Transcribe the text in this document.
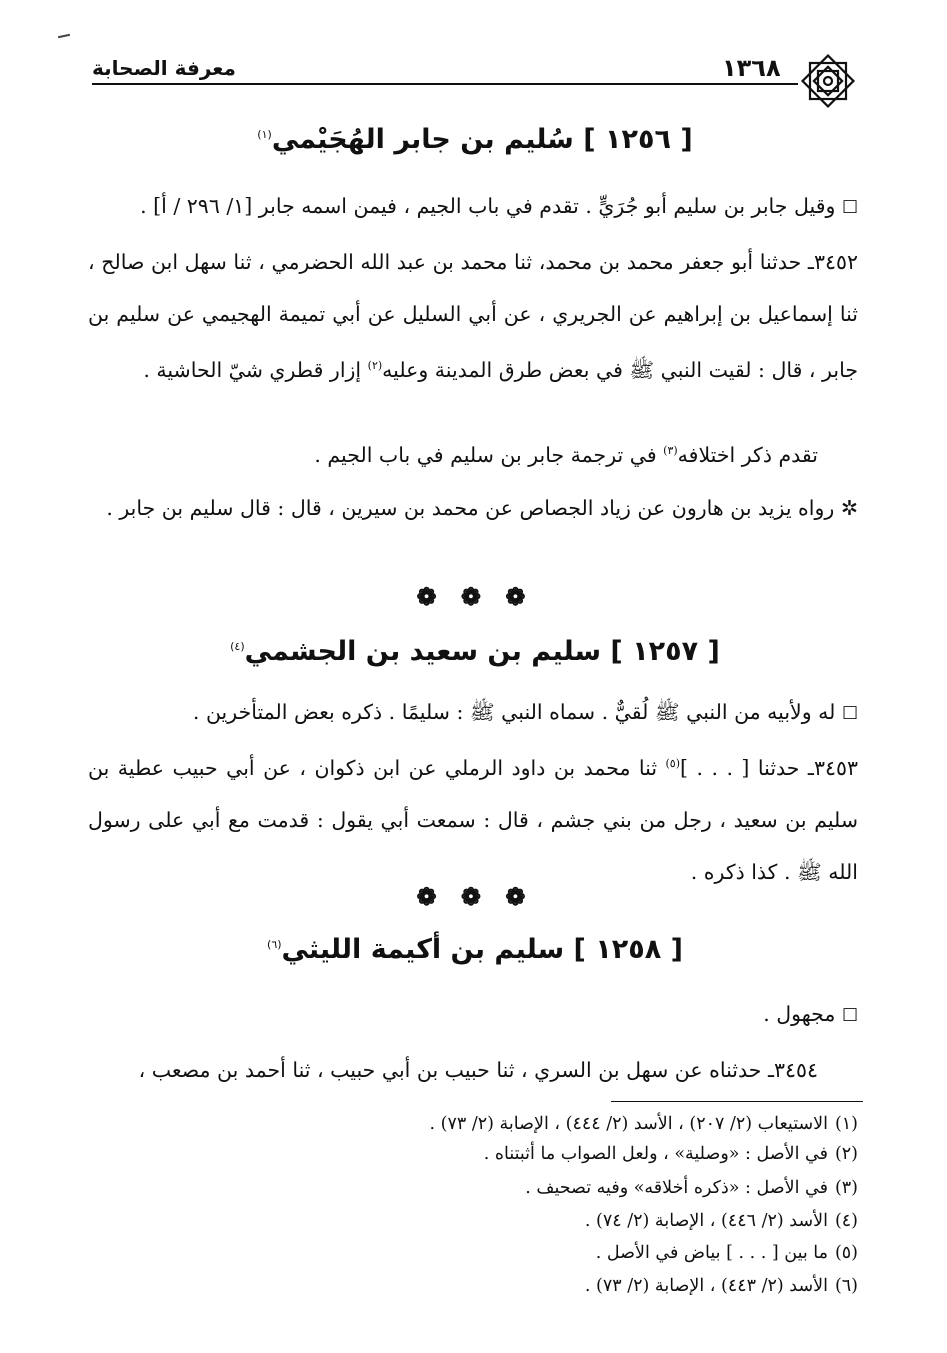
معرفة الصحابة	١٣٦٨
[ ١٢٥٦ ] سُليم بن جابر الهُجَيْمي$^{(١)}$
□ وقيل جابر بن سليم أبو جُرَيٍّ . تقدم في باب الجيم ، فيمن اسمه جابر [١/ ٢٩٦ / أ] .
٣٤٥٢ـ حدثنا أبو جعفر محمد بن محمد، ثنا محمد بن عبد الله الحضرمي ، ثنا سهل ابن صالح ، ثنا إسماعيل بن إبراهيم عن الجريري ، عن أبي السليل عن أبي تميمة الهجيمي عن سليم بن جابر ، قال : لقيت النبي ﷺ في بعض طرق المدينة وعليه$^{(٢)}$ إزار قطري شيّ الحاشية .
تقدم ذكر اختلافه$^{(٣)}$ في ترجمة جابر بن سليم في باب الجيم .
✲ رواه يزيد بن هارون عن زياد الجصاص عن محمد بن سيرين ، قال : قال سليم بن جابر .
❁ ❁ ❁
[ ١٢٥٧ ] سليم بن سعيد بن الجشمي$^{(٤)}$
□ له ولأبيه من النبي ﷺ لُقيٌّ . سماه النبي ﷺ : سليمًا . ذكره بعض المتأخرين .
٣٤٥٣ـ حدثنا [ . . . ]$^{(٥)}$ ثنا محمد بن داود الرملي عن ابن ذكوان ، عن أبي حبيب عطية بن سليم بن سعيد ، رجل من بني جشم ، قال : سمعت أبي يقول : قدمت مع أبي على رسول الله ﷺ . كذا ذكره .
❁ ❁ ❁
[ ١٢٥٨ ] سليم بن أكيمة الليثي$^{(٦)}$
□ مجهول .
٣٤٥٤ـ حدثناه عن سهل بن السري ، ثنا حبيب بن أبي حبيب ، ثنا أحمد بن مصعب ،
(١)الاستيعاب (٢/ ٢٠٧) ، الأسد (٢/ ٤٤٤) ، الإصابة (٢/ ٧٣) .
(٢)في الأصل : «وصلية» ، ولعل الصواب ما أثبتناه .
(٣)في الأصل : «ذكره أخلاقه» وفيه تصحيف .
(٤)الأسد (٢/ ٤٤٦) ، الإصابة (٢/ ٧٤) .
(٥)ما بين [ . . . ] بياض في الأصل .
(٦)الأسد (٢/ ٤٤٣) ، الإصابة (٢/ ٧٣) .
